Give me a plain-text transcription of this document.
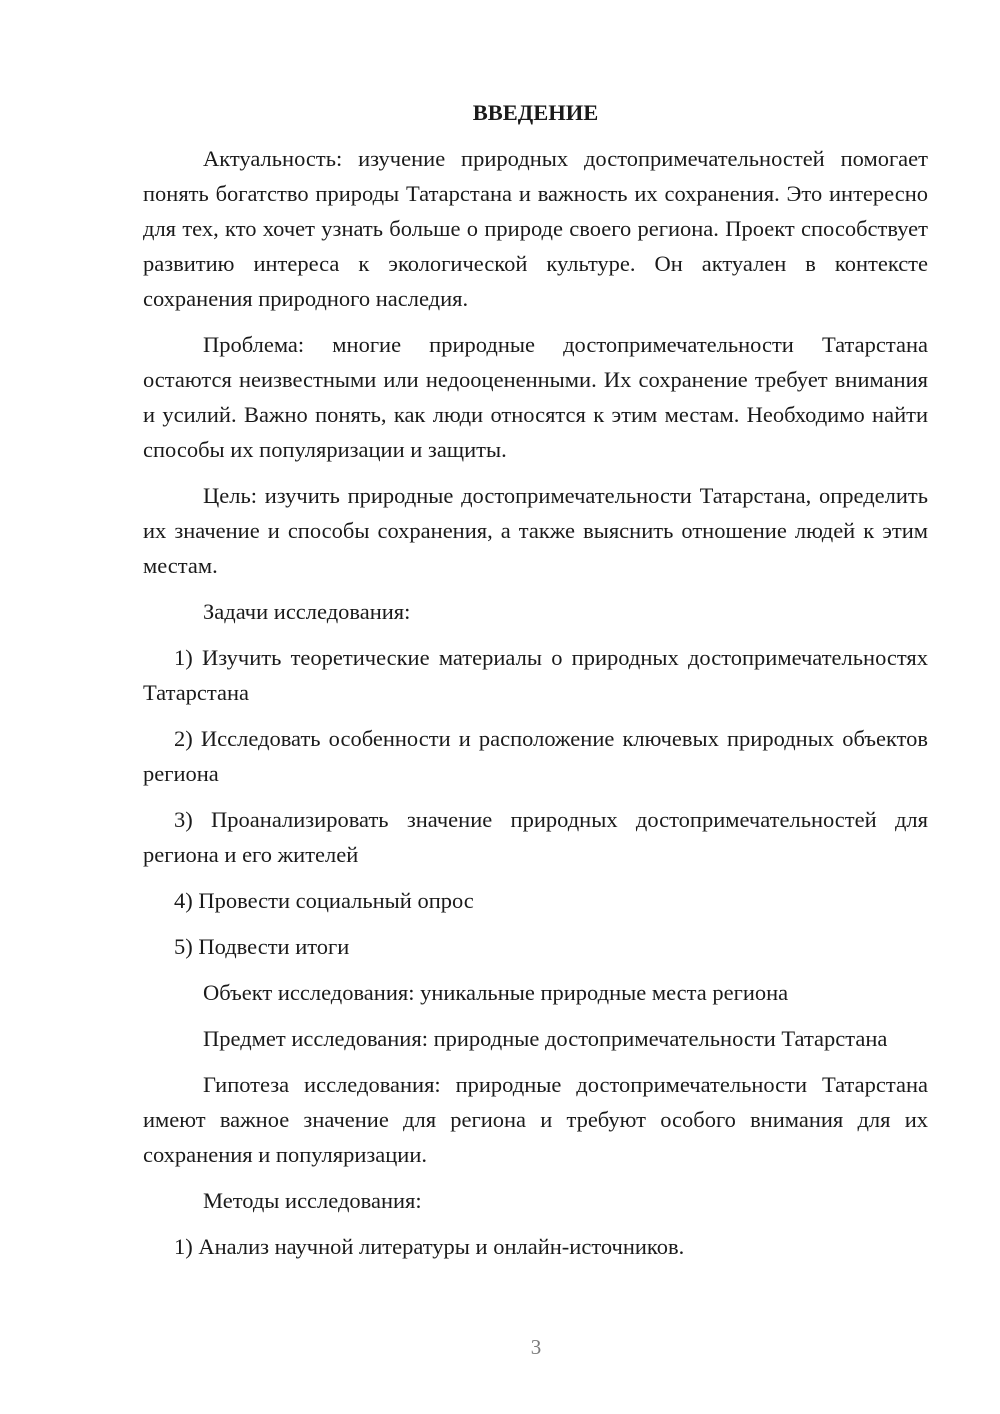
ВВЕДЕНИЕ

Актуальность: изучение природных достопримечательностей помогает понять богатство природы Татарстана и важность их сохранения. Это интересно для тех, кто хочет узнать больше о природе своего региона. Проект способствует развитию интереса к экологической культуре. Он актуален в контексте сохранения природного наследия.

Проблема: многие природные достопримечательности Татарстана остаются неизвестными или недооцененными. Их сохранение требует внимания и усилий. Важно понять, как люди относятся к этим местам. Необходимо найти способы их популяризации и защиты.

Цель: изучить природные достопримечательности Татарстана, определить их значение и способы сохранения, а также выяснить отношение людей к этим местам.

Задачи исследования:

1) Изучить теоретические материалы о природных достопримечательностях Татарстана

2) Исследовать особенности и расположение ключевых природных объектов региона

3) Проанализировать значение природных достопримечательностей для региона и его жителей

4) Провести социальный опрос

5) Подвести итоги

Объект исследования: уникальные природные места региона

Предмет исследования: природные достопримечательности Татарстана

Гипотеза исследования: природные достопримечательности Татарстана имеют важное значение для региона и требуют особого внимания для их сохранения и популяризации.

Методы исследования:

1) Анализ научной литературы и онлайн-источников.

3
